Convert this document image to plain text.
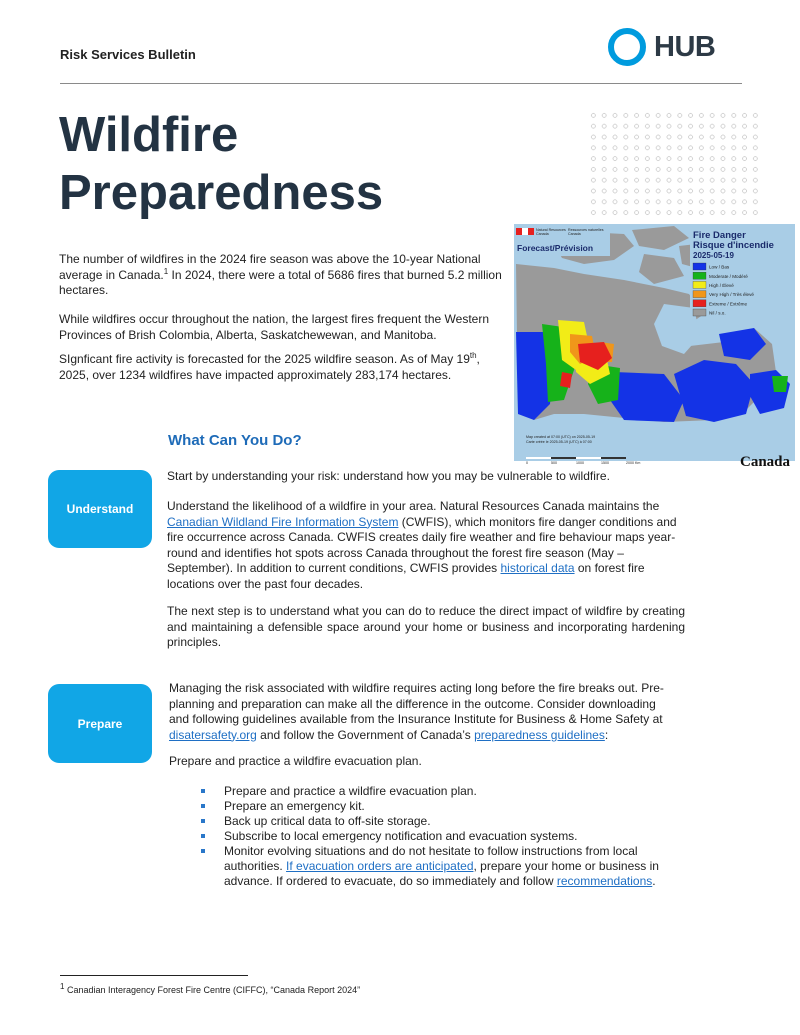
Risk Services Bulletin	HUB
Wildfire
Preparedness

The number of wildfires in the 2024 fire season was above the 10-year National average in Canada.$^1$ In 2024, there were a total of 5686 fires that burned 5.2 million hectares.

While wildfires occur throughout the nation, the largest fires frequent the Western Provinces of Brish Colombia, Alberta, Saskatchewewan, and Manitoba.

SIgnficant fire activity is forecasted for the 2025 wildfire season. As of May 19th, 2025, over 1234 wildfires have impacted approximately 283,174 hectares.

Natural Resources
Canada
Ressources naturelles
Canada
Forecast/Prévision
Fire Danger
Risque d'incendie
2025-05-19
Low / Bas
Moderate / Modéré
High / Élevé
Very High / Très élevé
Extreme / Extrême
Nil / s.o.
Map created at 07:00 (UTC) on 2025-05-19
Carte créée le 2025-05-19 (UTC) à 07:00
0	500	1000	1500	2000 Km	Canada
What Can You Do?
Understand

Start by understanding your risk: understand how you may be vulnerable to wildfire.

Understand the likelihood of a wildfire in your area. Natural Resources Canada maintains the Canadian Wildland Fire Information System (CWFIS), which monitors fire danger conditions and fire occurrence across Canada. CWFIS creates daily fire weather and fire behaviour maps year-round and identifies hot spots across Canada throughout the forest fire season (May – September). In addition to current conditions, CWFIS provides historical data on forest fire locations over the past four decades.

The next step is to understand what you can do to reduce the direct impact of wildfire by creating and maintaining a defensible space around your home or business and incorporating hardening principles.

Prepare

Managing the risk associated with wildfire requires acting long before the fire breaks out. Pre-planning and preparation can make all the difference in the outcome. Consider downloading and following guidelines available from the Insurance Institute for Business & Home Safety at disatersafety.org and follow the Government of Canada’s preparedness guidelines:

Prepare and practice a wildfire evacuation plan.

Prepare and practice a wildfire evacuation plan.
Prepare an emergency kit.
Back up critical data to off-site storage.
Subscribe to local emergency notification and evacuation systems.
Monitor evolving situations and do not hesitate to follow instructions from local authorities. If evacuation orders are anticipated, prepare your home or business in advance. If ordered to evacuate, do so immediately and follow recommendations.
$^1$ Canadian Interagency Forest Fire Centre (CIFFC), “Canada Report 2024”
